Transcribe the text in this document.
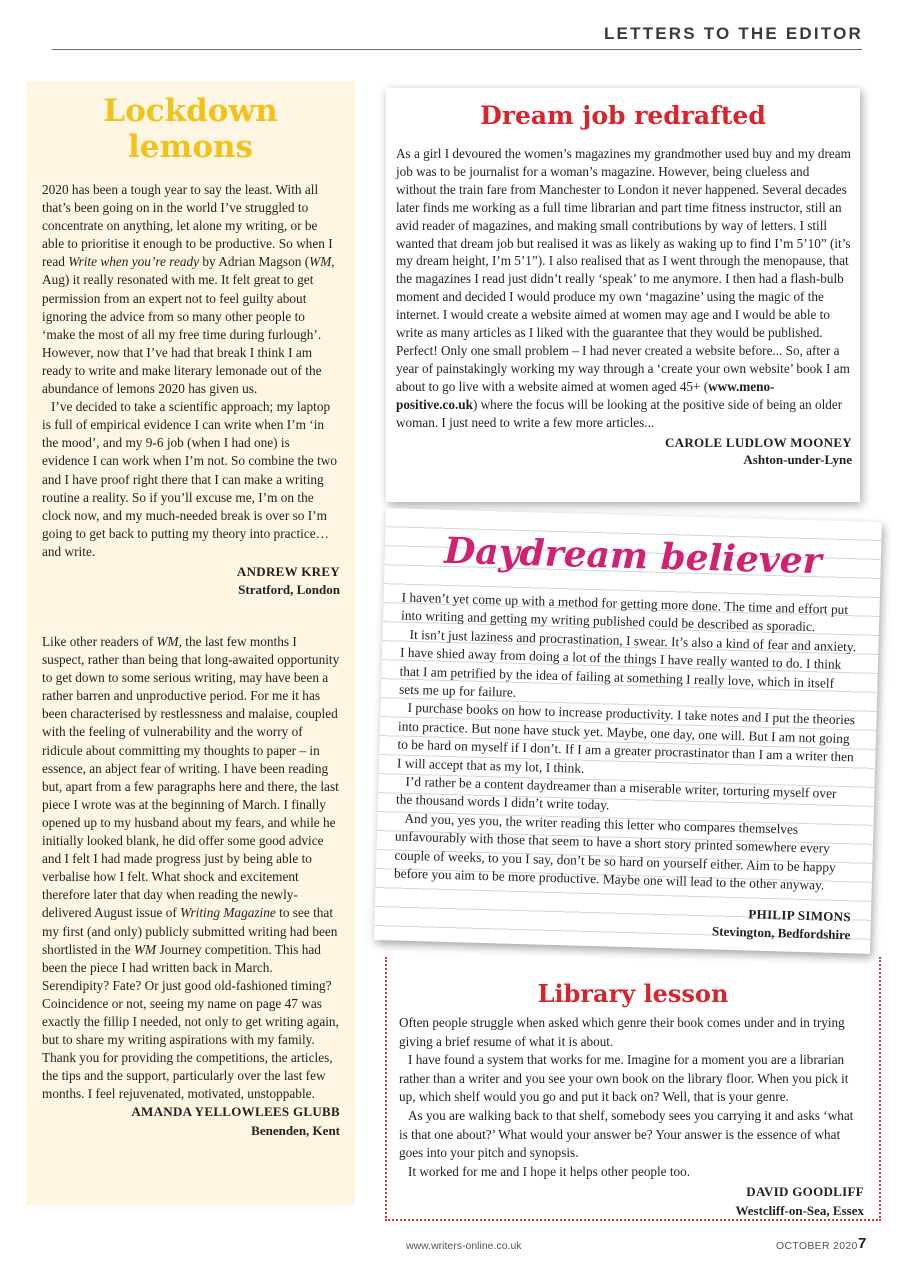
LETTERS TO THE EDITOR
Lockdown
lemons

2020 has been a tough year to say the least. With all that’s been going on in the world I’ve struggled to concentrate on anything, let alone my writing, or be able to prioritise it enough to be productive. So when I read Write when you’re ready by Adrian Magson (WM, Aug) it really resonated with me. It felt great to get permission from an expert not to feel guilty about ignoring the advice from so many other people to ‘make the most of all my free time during furlough’. However, now that I’ve had that break I think I am ready to write and make literary lemonade out of the abundance of lemons 2020 has given us.

I’ve decided to take a scientific approach; my laptop is full of empirical evidence I can write when I’m ‘in the mood’, and my 9-6 job (when I had one) is evidence I can work when I’m not. So combine the two and I have proof right there that I can make a writing routine a reality. So if you’ll excuse me, I’m on the clock now, and my much-needed break is over so I’m going to get back to putting my theory into practice… and write.

ANDREW KREY

Stratford, London

Like other readers of WM, the last few months I suspect, rather than being that long-awaited opportunity to get down to some serious writing, may have been a rather barren and unproductive period. For me it has been characterised by restlessness and malaise, coupled with the feeling of vulnerability and the worry of ridicule about committing my thoughts to paper – in essence, an abject fear of writing. I have been reading but, apart from a few paragraphs here and there, the last piece I wrote was at the beginning of March. I finally opened up to my husband about my fears, and while he initially looked blank, he did offer some good advice and I felt I had made progress just by being able to verbalise how I felt. What shock and excitement therefore later that day when reading the newly-delivered August issue of Writing Magazine to see that my first (and only) publicly submitted writing had been shortlisted in the WM Journey competition. This had been the piece I had written back in March. Serendipity? Fate? Or just good old-fashioned timing? Coincidence or not, seeing my name on page 47 was exactly the fillip I needed, not only to get writing again, but to share my writing aspirations with my family. Thank you for providing the competitions, the articles, the tips and the support, particularly over the last few months. I feel rejuvenated, motivated, unstoppable.

AMANDA YELLOWLEES GLUBB

Benenden, Kent

Dream job redrafted

As a girl I devoured the women’s magazines my grandmother used buy and my dream job was to be journalist for a woman’s magazine. However, being clueless and without the train fare from Manchester to London it never happened. Several decades later finds me working as a full time librarian and part time fitness instructor, still an avid reader of magazines, and making small contributions by way of letters. I still wanted that dream job but realised it was as likely as waking up to find I’m 5’10” (it’s my dream height, I’m 5’1”). I also realised that as I went through the menopause, that the magazines I read just didn’t really ‘speak’ to me anymore. I then had a flash-bulb moment and decided I would produce my own ‘magazine’ using the magic of the internet. I would create a website aimed at women may age and I would be able to write as many articles as I liked with the guarantee that they would be published. Perfect! Only one small problem – I had never created a website before... So, after a year of painstakingly working my way through a ‘create your own website’ book I am about to go live with a website aimed at women aged 45+ (www.meno-positive.co.uk) where the focus will be looking at the positive side of being an older woman. I just need to write a few more articles...

CAROLE LUDLOW MOONEY

Ashton-under-Lyne

Daydream believer

I haven’t yet come up with a method for getting more done. The time and effort put into writing and getting my writing published could be described as sporadic.

It isn’t just laziness and procrastination, I swear. It’s also a kind of fear and anxiety. I have shied away from doing a lot of the things I have really wanted to do. I think that I am petrified by the idea of failing at something I really love, which in itself sets me up for failure.

I purchase books on how to increase productivity. I take notes and I put the theories into practice. But none have stuck yet. Maybe, one day, one will. But I am not going to be hard on myself if I don’t. If I am a greater procrastinator than I am a writer then I will accept that as my lot, I think.

I’d rather be a content daydreamer than a miserable writer, torturing myself over the thousand words I didn’t write today.

And you, yes you, the writer reading this letter who compares themselves unfavourably with those that seem to have a short story printed somewhere every couple of weeks, to you I say, don’t be so hard on yourself either. Aim to be happy before you aim to be more productive. Maybe one will lead to the other anyway.

PHILIP SIMONS

Stevington, Bedfordshire

Library lesson

Often people struggle when asked which genre their book comes under and in trying giving a brief resume of what it is about.

I have found a system that works for me. Imagine for a moment you are a librarian rather than a writer and you see your own book on the library floor. When you pick it up, which shelf would you go and put it back on? Well, that is your genre.

As you are walking back to that shelf, somebody sees you carrying it and asks ‘what is that one about?’ What would your answer be? Your answer is the essence of what goes into your pitch and synopsis.

It worked for me and I hope it helps other people too.

DAVID GOODLIFF

Westcliff-on-Sea, Essex

www.writers-online.co.uk	OCTOBER 2020 7
